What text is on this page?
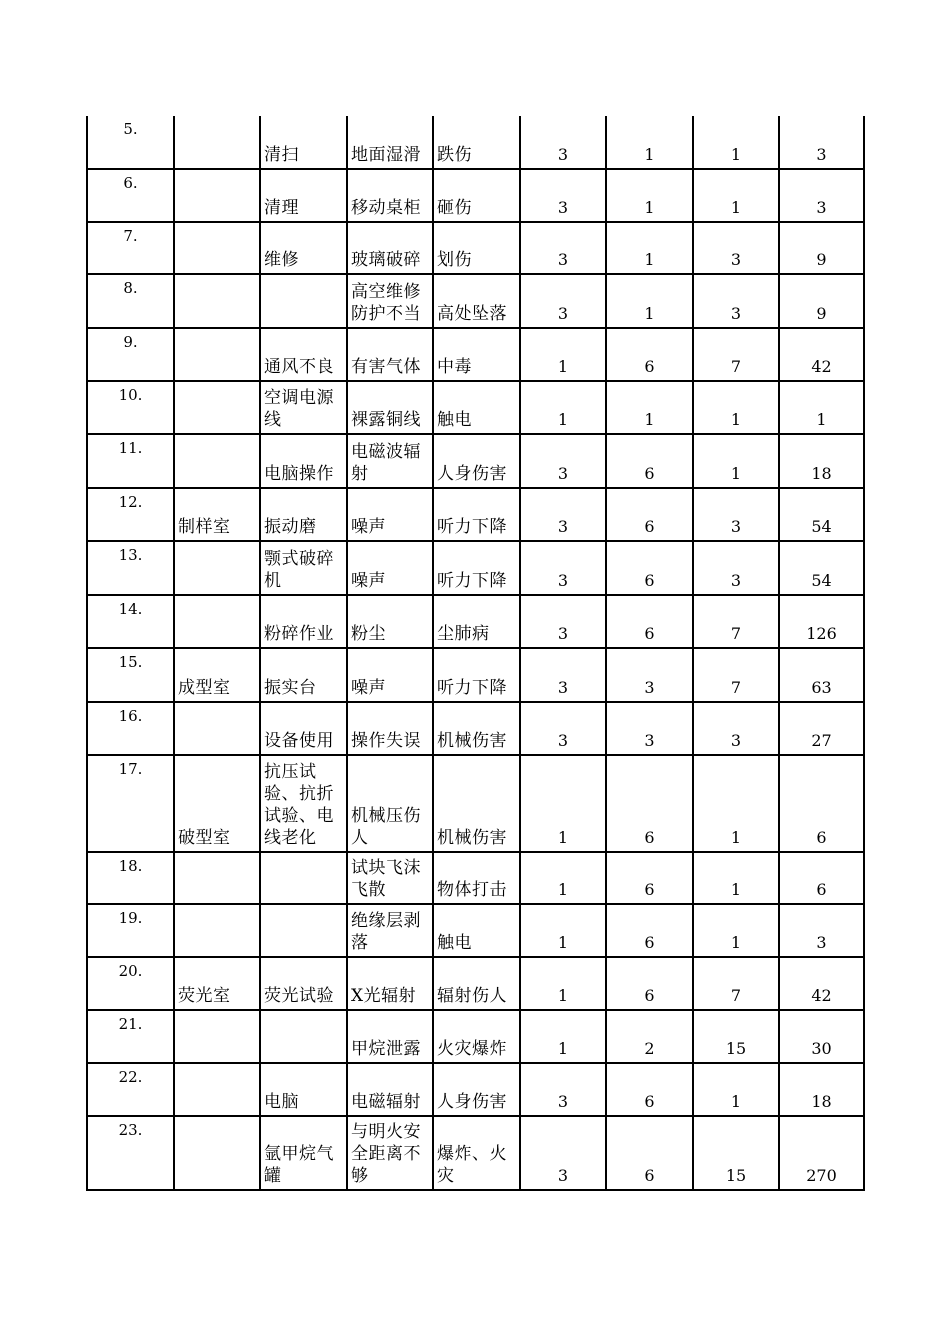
5.		清扫	地面湿滑	跌伤	3	1	1	3
6.		清理	移动桌柜	砸伤	3	1	1	3
7.		维修	玻璃破碎	划伤	3	1	3	9
8.			高空维修防护不当	高处坠落	3	1	3	9
9.		通风不良	有害气体	中毒	1	6	7	42
10.		空调电源线	裸露铜线	触电	1	1	1	1
11.		电脑操作	电磁波辐射	人身伤害	3	6	1	18
12.	制样室	振动磨	噪声	听力下降	3	6	3	54
13.		颚式破碎机	噪声	听力下降	3	6	3	54
14.		粉碎作业	粉尘	尘肺病	3	6	7	126
15.	成型室	振实台	噪声	听力下降	3	3	7	63
16.		设备使用	操作失误	机械伤害	3	3	3	27
17.	破型室	抗压试验、抗折试验、电线老化	机械压伤人	机械伤害	1	6	1	6
18.			试块飞沫飞散	物体打击	1	6	1	6
19.			绝缘层剥落	触电	1	6	1	3
20.	荧光室	荧光试验	X光辐射	辐射伤人	1	6	7	42
21.			甲烷泄露	火灾爆炸	1	2	15	30
22.		电脑	电磁辐射	人身伤害	3	6	1	18
23.		氩甲烷气罐	与明火安全距离不够	爆炸、火灾	3	6	15	270
